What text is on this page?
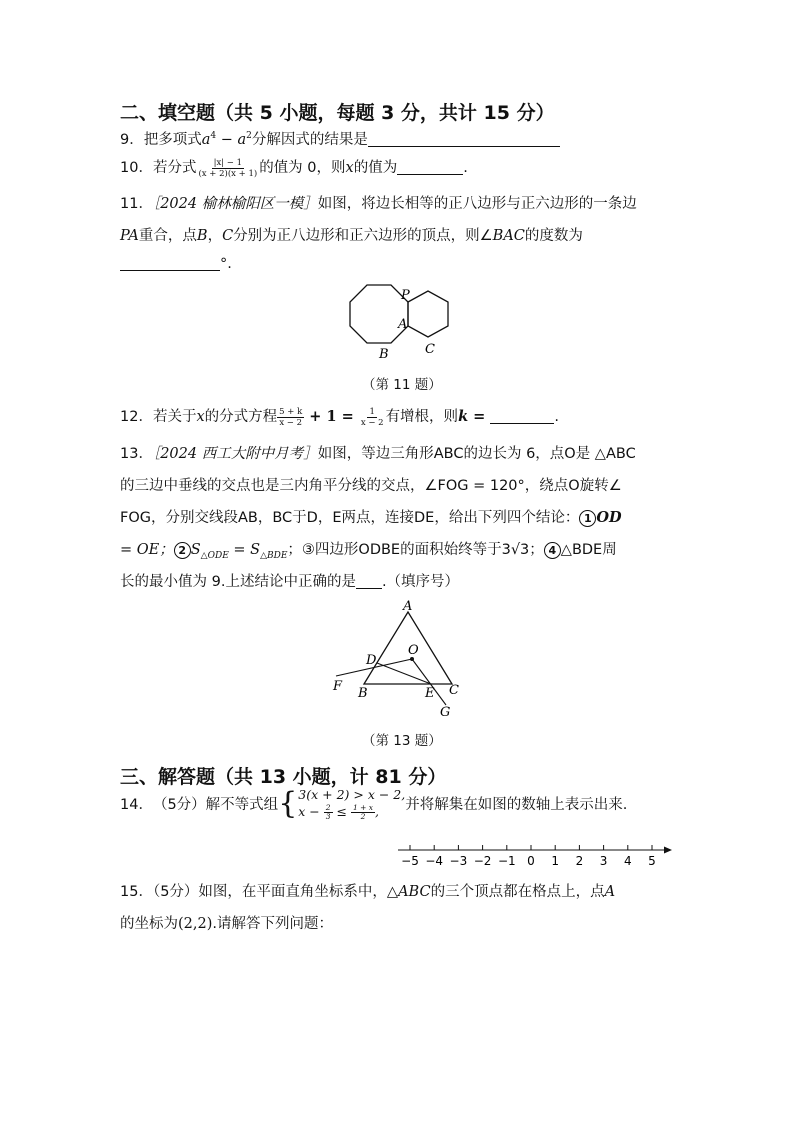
二、填空题（共 5 小题，每题 3 分，共计 15 分）
9．把多项式$a^4 - a^2$分解因式的结果是
10．若分式 $\frac{|x| - 1}{(x + 2)(x + 1)}$ 的值为 0，则x的值为	.
11．［2024 榆林榆阳区一模］如图，将边长相等的正八边形与正六边形的一条边
PA重合，点B，C分别为正八边形和正六边形的顶点，则∠BAC的度数为
°.
P
A
B	C
（第 11 题）
12．若关于x的分式方程 $\frac{5 + k}{x - 2} + 1 = \frac{1}{x - 2}$ 有增根，则k =	.
13．［2024 西工大附中月考］如图，等边三角形ABC的边长为 6，点O是 △ABC
的三边中垂线的交点也是三内角平分线的交点，∠FOG = 120°，绕点O旋转∠
FOG，分别交线段AB，BC于D，E两点，连接DE，给出下列四个结论： 1 OD
= OE； 2 $S_{\triangle ODE} = S_{\triangle BDE}$；③四边形ODBE的面积始终等于3√3； 4 △BDE周
长的最小值为 9.上述结论中正确的是 .（填序号）
A
O
D
F B	E C
G
（第 13 题）
三、解答题（共 13 小题，计 81 分）
14． （5分）解不等式组 { 3(x + 2) > x − 2,
$x - \frac{2}{3} \le \frac{1 + x}{2}$ ,	并将解集在如图的数轴上表示出来.
−5 −4 −3 −2 −1 0 1 2 3 4 5
15．（5分）如图，在平面直角坐标系中，△ABC的三个顶点都在格点上，点A
的坐标为(2,2).请解答下列问题：
